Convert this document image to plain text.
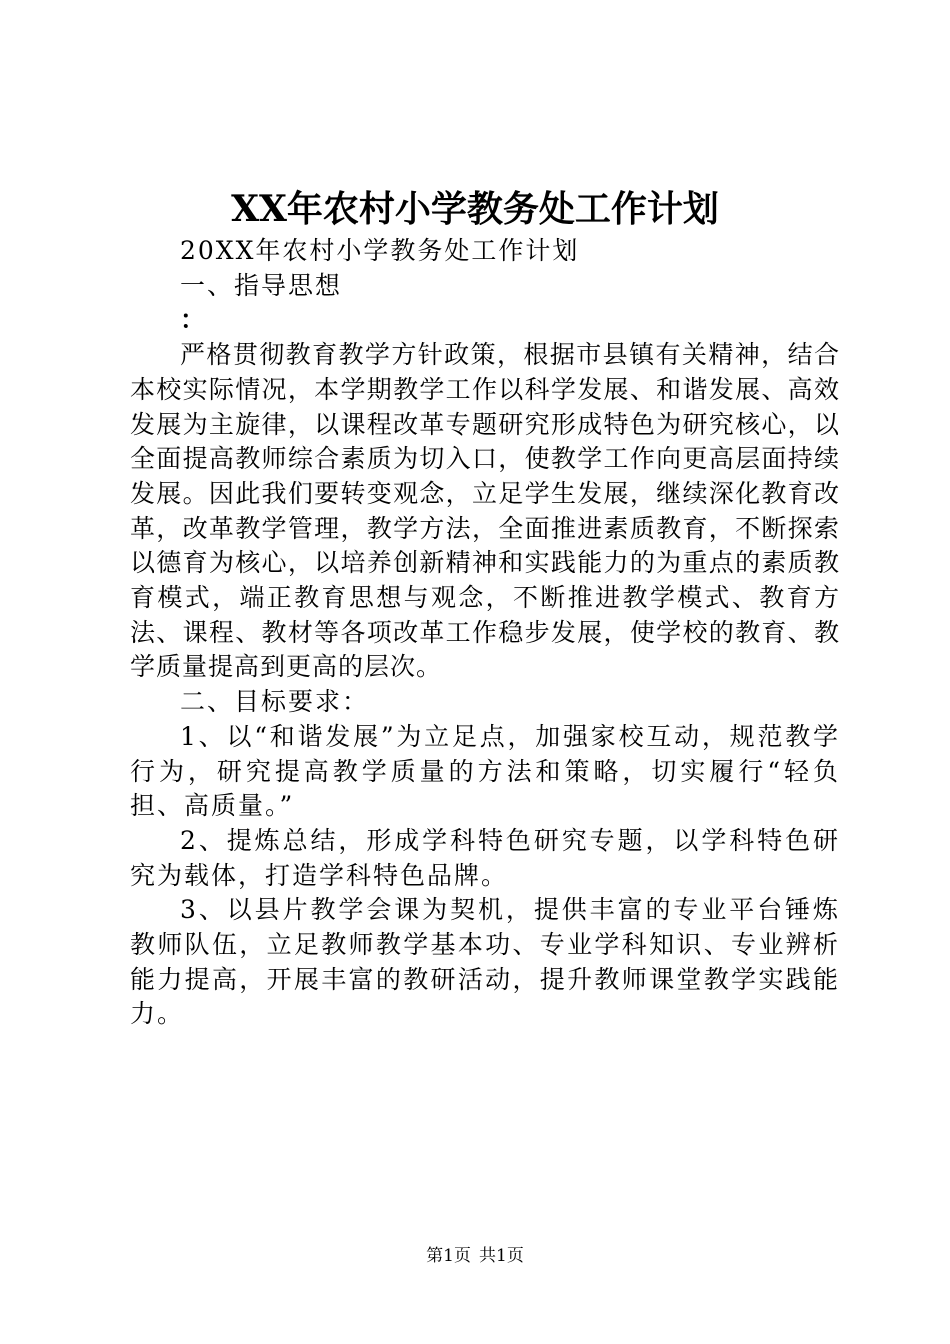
XX年农村小学教务处工作计划

20XX年农村小学教务处工作计划

一、指导思想

：

严格贯彻教育教学方针政策，根据市县镇有关精神，结合本校实际情况，本学期教学工作以科学发展、和谐发展、高效发展为主旋律，以课程改革专题研究形成特色为研究核心，以全面提高教师综合素质为切入口，使教学工作向更高层面持续发展。因此我们要转变观念，立足学生发展，继续深化教育改革，改革教学管理，教学方法，全面推进素质教育，不断探索以德育为核心，以培养创新精神和实践能力的为重点的素质教育模式，端正教育思想与观念，不断推进教学模式、教育方法、课程、教材等各项改革工作稳步发展，使学校的教育、教学质量提高到更高的层次。

二、目标要求：

1、以“和谐发展”为立足点，加强家校互动，规范教学行为，研究提高教学质量的方法和策略，切实履行“轻负担、高质量。”

2、提炼总结，形成学科特色研究专题，以学科特色研究为载体，打造学科特色品牌。

3、以县片教学会课为契机，提供丰富的专业平台锤炼教师队伍，立足教师教学基本功、专业学科知识、专业辨析能力提高，开展丰富的教研活动，提升教师课堂教学实践能力。

第1页 共1页
